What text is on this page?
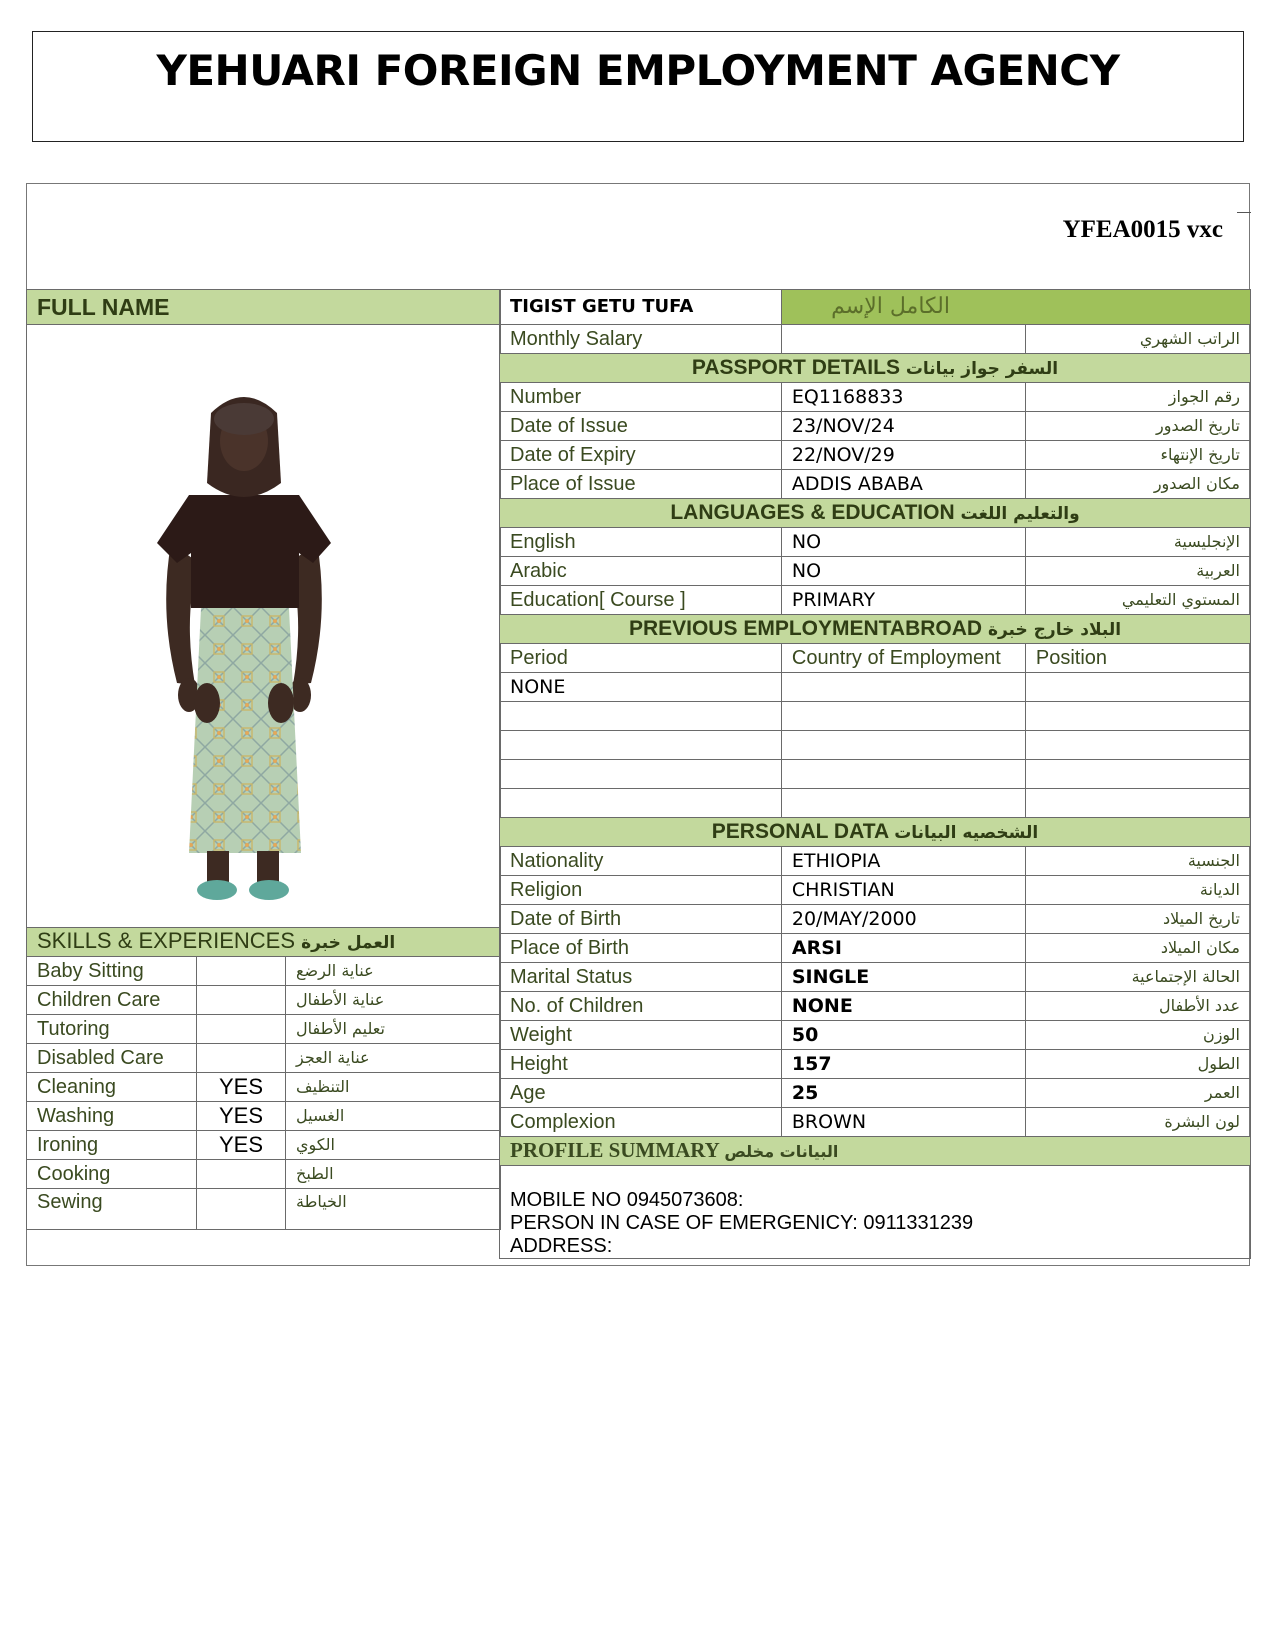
YEHUARI FOREIGN EMPLOYMENT AGENCY
YFEA0015 vxc
FULL NAME		

SKILLS & EXPERIENCES العمل خبرة		
Baby Sitting		عناية الرضع
Children Care		عناية الأطفال
Tutoring		تعليم الأطفال
Disabled Care		عناية العجز
Cleaning	YES	التنظيف
Washing	YES	الغسيل
Ironing	YES	الكوي
Cooking		الطبخ
Sewing		الخياطة
TIGIST GETU TUFA	الكامل الإسم	
Monthly Salary		الراتب الشهري
PASSPORT DETAILS السفر جواز بيانات		
Number	EQ1168833	رقم الجواز
Date of Issue	23/NOV/24	تاريخ الصدور
Date of Expiry	22/NOV/29	تاريخ الإنتهاء
Place of Issue	ADDIS ABABA	مكان الصدور
LANGUAGES & EDUCATION والتعليم اللغت		
English	NO	الإنجليسية
Arabic	NO	العربية
Education[ Course ]	PRIMARY	المستوي التعليمي
PREVIOUS EMPLOYMENTABROAD البلاد خارج خبرة		
Period	Country of Employment	Position
NONE		

PERSONAL DATA الشخصيه البيانات		
Nationality	ETHIOPIA	الجنسية
Religion	CHRISTIAN	الديانة
Date of Birth	20/MAY/2000	تاريخ الميلاد
Place of Birth	ARSI	مكان الميلاد
Marital Status	SINGLE	الحالة الإجتماعية
No. of Children	NONE	عدد الأطفال
Weight	50	الوزن
Height	157	الطول
Age	25	العمر
Complexion	BROWN	لون البشرة
PROFILE SUMMARY البيانات مخلص		

MOBILE NO 0945073608:
PERSON IN CASE OF EMERGENICY: 0911331239
ADDRESS:		
